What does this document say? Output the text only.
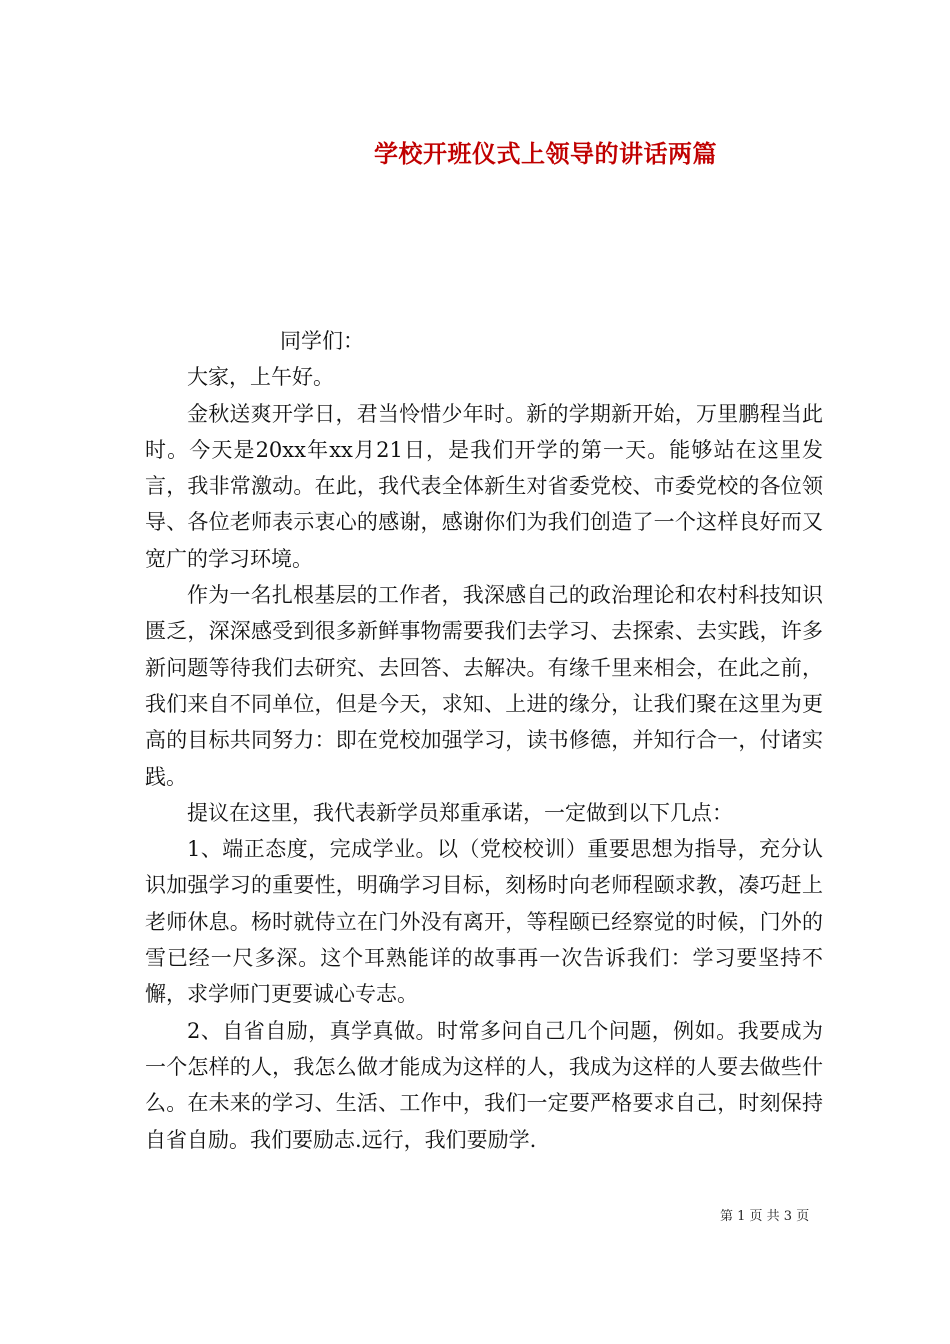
学校开班仪式上领导的讲话两篇

同学们：

大家，上午好。

金秋送爽开学日，君当怜惜少年时。新的学期新开始，万里鹏程当此时。今天是20xx年xx月21日，是我们开学的第一天。能够站在这里发言，我非常激动。在此，我代表全体新生对省委党校、市委党校的各位领导、各位老师表示衷心的感谢，感谢你们为我们创造了一个这样良好而又宽广的学习环境。

作为一名扎根基层的工作者，我深感自己的政治理论和农村科技知识匮乏，深深感受到很多新鲜事物需要我们去学习、去探索、去实践，许多新问题等待我们去研究、去回答、去解决。有缘千里来相会，在此之前，我们来自不同单位，但是今天，求知、上进的缘分，让我们聚在这里为更高的目标共同努力：即在党校加强学习，读书修德，并知行合一，付诸实践。

提议在这里，我代表新学员郑重承诺，一定做到以下几点：

1、端正态度，完成学业。以（党校校训）重要思想为指导，充分认识加强学习的重要性，明确学习目标，刻杨时向老师程颐求教，凑巧赶上老师休息。杨时就侍立在门外没有离开，等程颐已经察觉的时候，门外的雪已经一尺多深。这个耳熟能详的故事再一次告诉我们：学习要坚持不懈，求学师门更要诚心专志。

2、自省自励，真学真做。时常多问自己几个问题，例如。我要成为一个怎样的人，我怎么做才能成为这样的人，我成为这样的人要去做些什么。在未来的学习、生活、工作中，我们一定要严格要求自己，时刻保持自省自励。我们要励志.远行，我们要励学.

第 1 页 共 3 页
